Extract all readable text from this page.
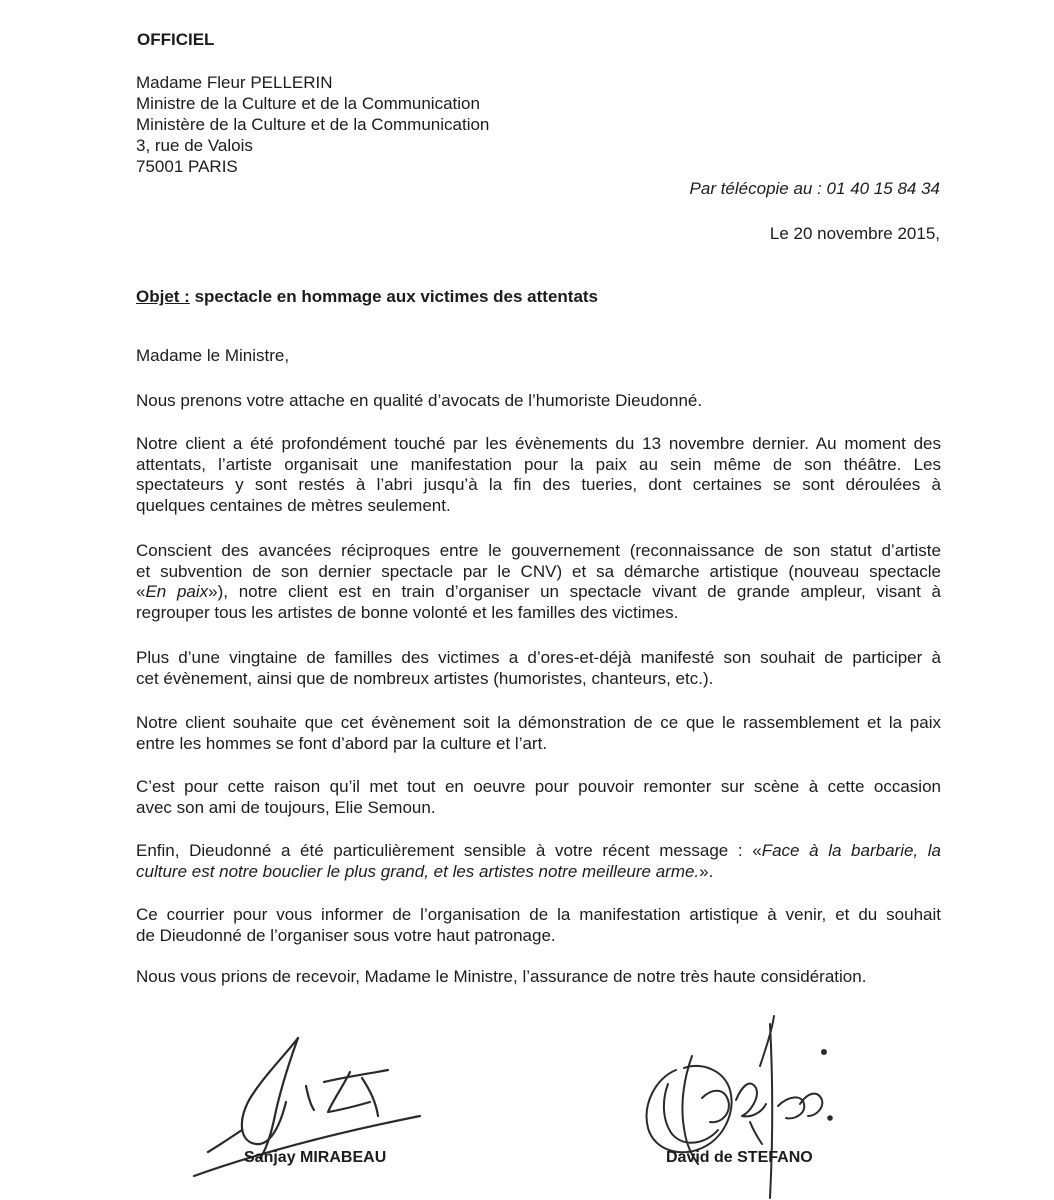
OFFICIEL
Madame Fleur PELLERIN
Ministre de la Culture et de la Communication
Ministère de la Culture et de la Communication
3, rue de Valois
75001 PARIS
Par télécopie au : 01 40 15 84 34
Le 20 novembre 2015,
Objet : spectacle en hommage aux victimes des attentats
Madame le Ministre,
Nous prenons votre attache en qualité d’avocats de l’humoriste Dieudonné.
Notre client a été profondément touché par les évènements du 13 novembre dernier. Au moment des
attentats, l’artiste organisait une manifestation pour la paix au sein même de son théâtre. Les
spectateurs y sont restés à l’abri jusqu’à la fin des tueries, dont certaines se sont déroulées à
quelques centaines de mètres seulement.
Conscient des avancées réciproques entre le gouvernement (reconnaissance de son statut d’artiste
et subvention de son dernier spectacle par le CNV) et sa démarche artistique (nouveau spectacle
«En paix»), notre client est en train d’organiser un spectacle vivant de grande ampleur, visant à
regrouper tous les artistes de bonne volonté et les familles des victimes.
Plus d’une vingtaine de familles des victimes a d’ores-et-déjà manifesté son souhait de participer à
cet évènement, ainsi que de nombreux artistes (humoristes, chanteurs, etc.).
Notre client souhaite que cet évènement soit la démonstration de ce que le rassemblement et la paix
entre les hommes se font d’abord par la culture et l’art.
C’est pour cette raison qu’il met tout en oeuvre pour pouvoir remonter sur scène à cette occasion
avec son ami de toujours, Elie Semoun.
Enfin, Dieudonné a été particulièrement sensible à votre récent message : «Face à la barbarie, la
culture est notre bouclier le plus grand, et les artistes notre meilleure arme.».
Ce courrier pour vous informer de l’organisation de la manifestation artistique à venir, et du souhait
de Dieudonné de l’organiser sous votre haut patronage.
Nous vous prions de recevoir, Madame le Ministre, l’assurance de notre très haute considération.
Sanjay MIRABEAU	David de STEFANO
